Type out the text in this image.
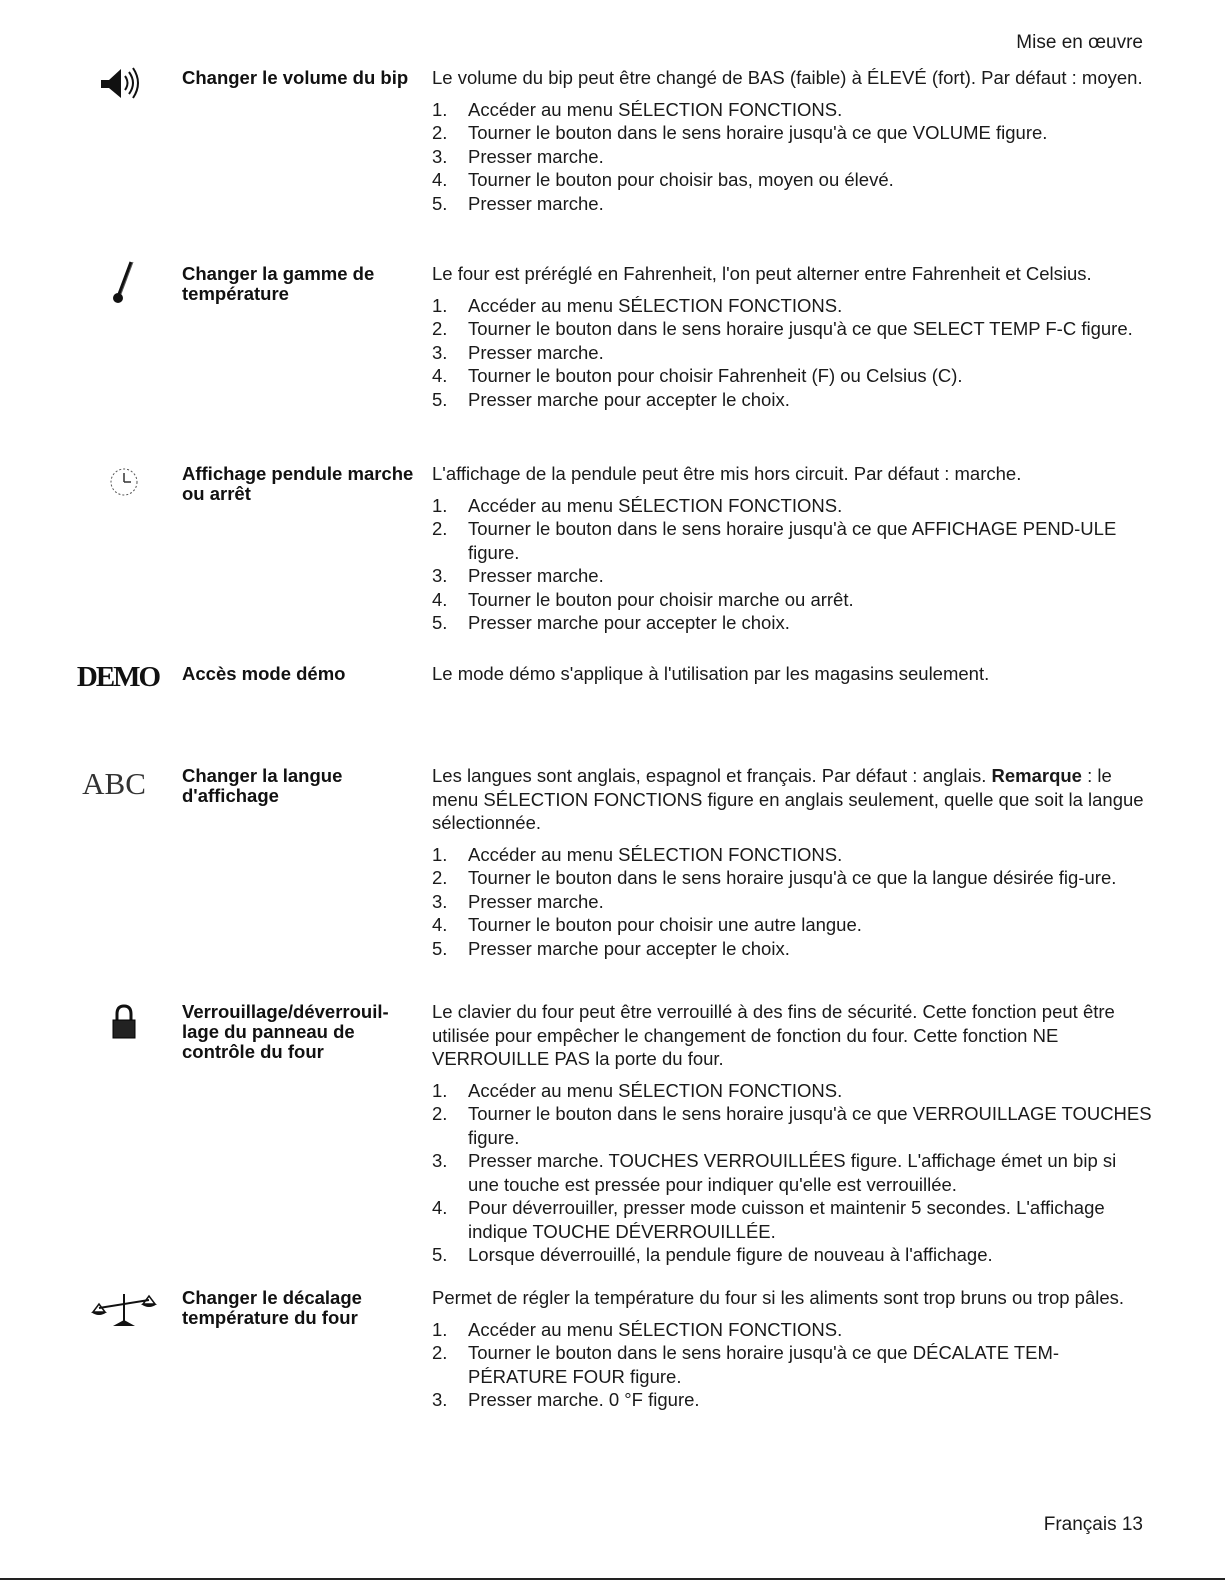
Mise en œuvre
Changer le volume du bip	Le volume du bip peut être changé de BAS (faible) à ÉLEVÉ (fort). Par défaut : moyen.

1. Accéder au menu SÉLECTION FONCTIONS.
2. Tourner le bouton dans le sens horaire jusqu'à ce que VOLUME figure.
3. Presser marche.
4. Tourner le bouton pour choisir bas, moyen ou élevé.
5. Presser marche.
Changer la gamme de température

Le four est préréglé en Fahrenheit, l'on peut alterner entre Fahrenheit et Celsius.

1. Accéder au menu SÉLECTION FONCTIONS.
2. Tourner le bouton dans le sens horaire jusqu'à ce que SELECT TEMP F-C figure.
3. Presser marche.
4. Tourner le bouton pour choisir Fahrenheit (F) ou Celsius (C).
5. Presser marche pour accepter le choix.
Affichage pendule marche ou arrêt

L'affichage de la pendule peut être mis hors circuit. Par défaut : marche.

1. Accéder au menu SÉLECTION FONCTIONS.
2. Tourner le bouton dans le sens horaire jusqu'à ce que AFFICHAGE PEND-ULE figure.
3. Presser marche.
4. Tourner le bouton pour choisir marche ou arrêt.
5. Presser marche pour accepter le choix.
DEMO Accès mode démo	Le mode démo s'applique à l'utilisation par les magasins seulement.

ABC Changer la langue d'affichage

Les langues sont anglais, espagnol et français. Par défaut : anglais. Remarque : le menu SÉLECTION FONCTIONS figure en anglais seulement, quelle que soit la langue sélectionnée.

1. Accéder au menu SÉLECTION FONCTIONS.
2. Tourner le bouton dans le sens horaire jusqu'à ce que la langue désirée fig-ure.
3. Presser marche.
4. Tourner le bouton pour choisir une autre langue.
5. Presser marche pour accepter le choix.
Verrouillage/déverrouil-lage du panneau de contrôle du four

Le clavier du four peut être verrouillé à des fins de sécurité. Cette fonction peut être utilisée pour empêcher le changement de fonction du four. Cette fonction NE VERROUILLE PAS la porte du four.

1. Accéder au menu SÉLECTION FONCTIONS.
2. Tourner le bouton dans le sens horaire jusqu'à ce que VERROUILLAGE TOUCHES figure.
3. Presser marche. TOUCHES VERROUILLÉES figure. L'affichage émet un bip si une touche est pressée pour indiquer qu'elle est verrouillée.
4. Pour déverrouiller, presser mode cuisson et maintenir 5 secondes. L'affichage indique TOUCHE DÉVERROUILLÉE.
5. Lorsque déverrouillé, la pendule figure de nouveau à l'affichage.
Changer le décalage température du four

Permet de régler la température du four si les aliments sont trop bruns ou trop pâles.

1. Accéder au menu SÉLECTION FONCTIONS.
2. Tourner le bouton dans le sens horaire jusqu'à ce que DÉCALATE TEM-PÉRATURE FOUR figure.
3. Presser marche. 0 °F figure.
Français 13
